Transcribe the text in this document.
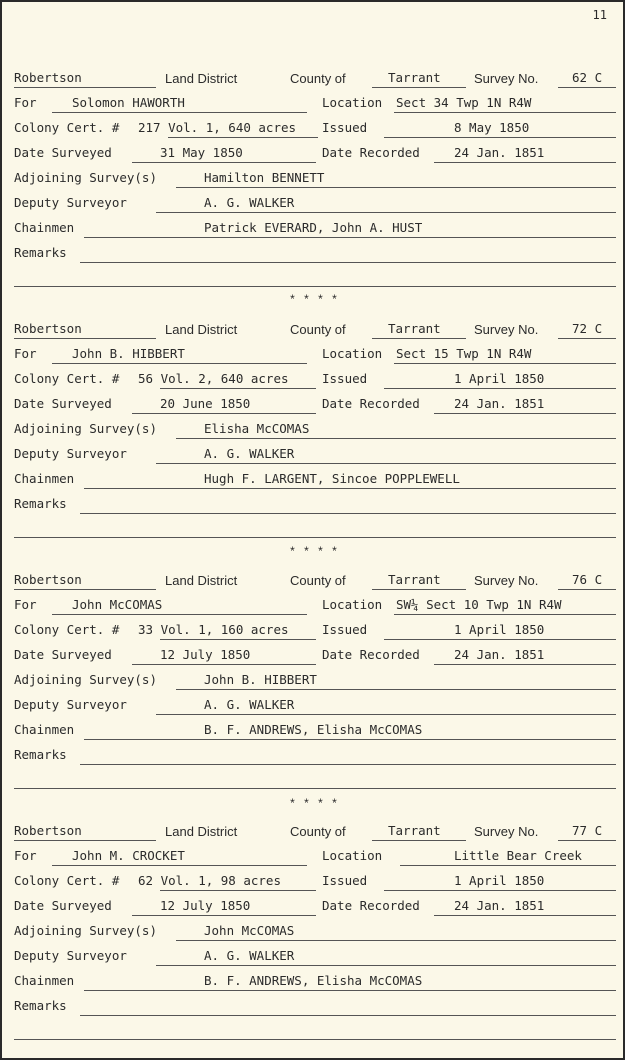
11
Robertson	Land District	County of	Tarrant	Survey No.	62 C
For	Solomon HAWORTH	Location Sect 34 Twp 1N R4W
Colony Cert. # 217 Vol. 1, 640 acres Issued	8 May 1850
Date Surveyed	31 May 1850	Date Recorded	24 Jan. 1851
Adjoining Survey(s)	Hamilton BENNETT
Deputy Surveyor	A. G. WALKER
Chainmen	Patrick EVERARD, John A. HUST
Remarks
* * * *
Robertson	Land District	County of	Tarrant	Survey No.	72 C
For	John B. HIBBERT	Location Sect 15 Twp 1N R4W
Colony Cert. # 56 Vol. 2, 640 acres	Issued	1 April 1850
Date Surveyed	20 June 1850	Date Recorded	24 Jan. 1851
Adjoining Survey(s)	Elisha McCOMAS
Deputy Surveyor	A. G. WALKER
Chainmen	Hugh F. LARGENT, Sincoe POPPLEWELL
Remarks
* * * *
Robertson	Land District	County of	Tarrant	Survey No.	76 C
For	John McCOMAS	Location SW¼ Sect 10 Twp 1N R4W
Colony Cert. # 33 Vol. 1, 160 acres	Issued	1 April 1850
Date Surveyed	12 July 1850	Date Recorded	24 Jan. 1851
Adjoining Survey(s)	John B. HIBBERT
Deputy Surveyor	A. G. WALKER
Chainmen	B. F. ANDREWS, Elisha McCOMAS
Remarks
* * * *
Robertson	Land District	County of	Tarrant	Survey No.	77 C
For	John M. CROCKET	Location	Little Bear Creek
Colony Cert. # 62 Vol. 1, 98 acres	Issued	1 April 1850
Date Surveyed	12 July 1850	Date Recorded	24 Jan. 1851
Adjoining Survey(s)	John McCOMAS
Deputy Surveyor	A. G. WALKER
Chainmen	B. F. ANDREWS, Elisha McCOMAS
Remarks
